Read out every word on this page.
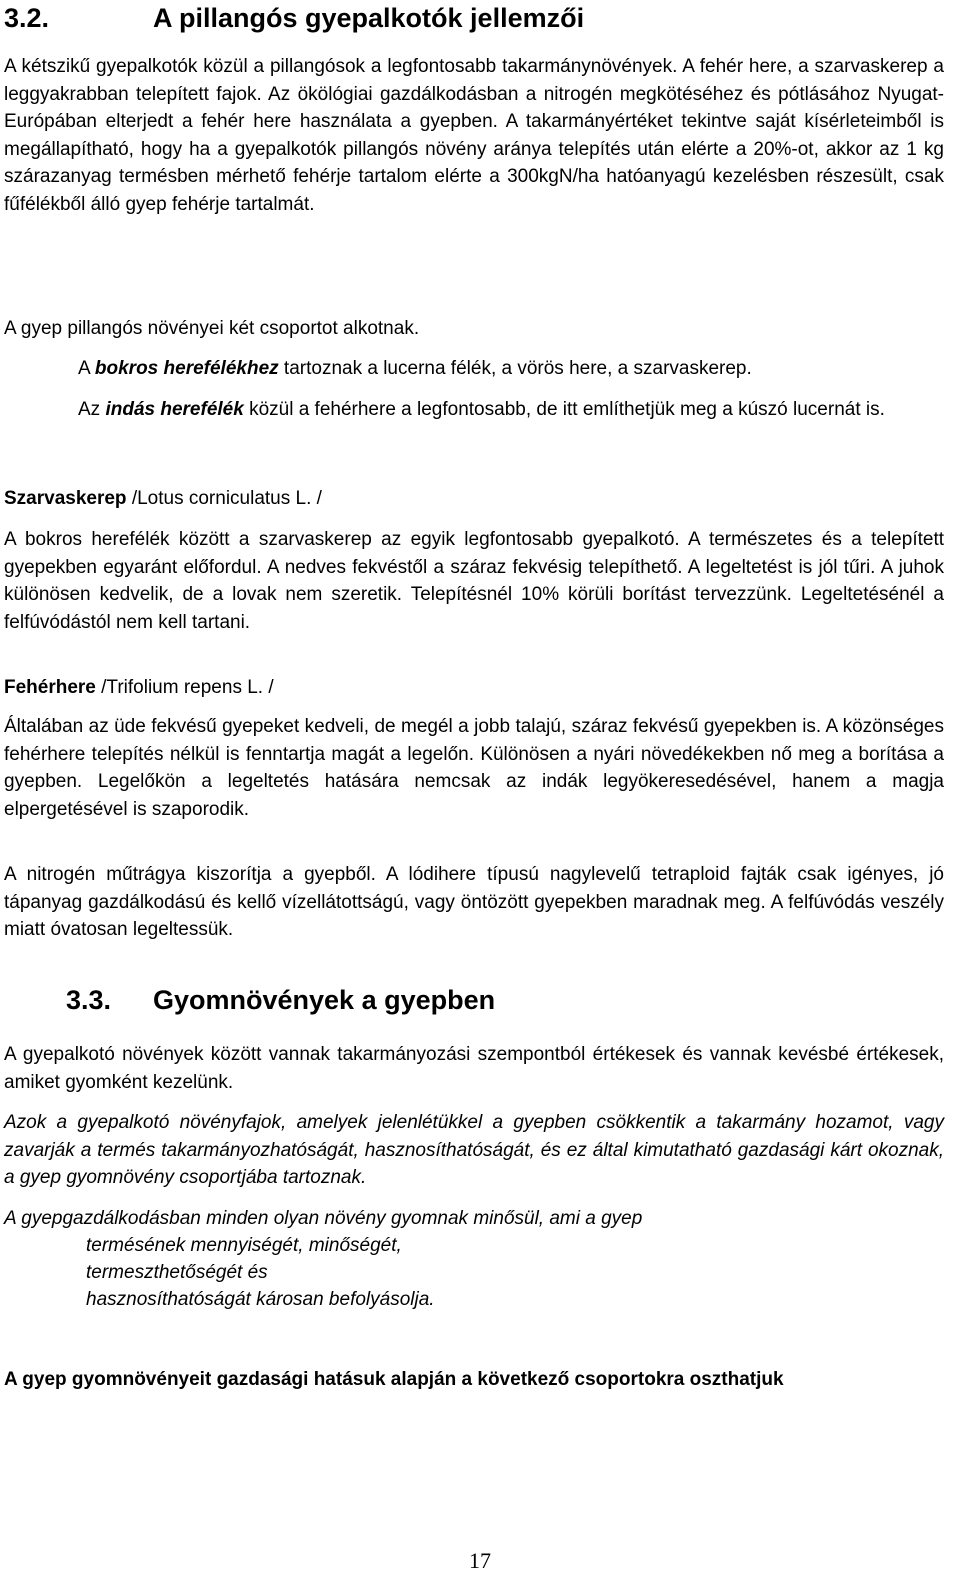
3.2.	A pillangós gyepalkotók jellemzői

A kétszikű gyepalkotók közül a pillangósok a legfontosabb takarmánynövények. A fehér here, a szarvaskerep a leggyakrabban telepített fajok. Az ökölógiai gazdálkodásban a nitrogén megkötéséhez és pótlásához Nyugat-Európában elterjedt a fehér here használata a gyepben. A takarmányértéket tekintve saját kísérleteimből is megállapítható, hogy ha a gyepalkotók pillangós növény aránya telepítés után elérte a 20%-ot, akkor az 1 kg szárazanyag termésben mérhető fehérje tartalom elérte a 300kgN/ha hatóanyagú kezelésben részesült, csak fűfélékből álló gyep fehérje tartalmát.

A gyep pillangós növényei két csoportot alkotnak.

A bokros herefélékhez tartoznak a lucerna félék, a vörös here, a szarvaskerep.

Az indás herefélék közül a fehérhere a legfontosabb, de itt említhetjük meg a kúszó lucernát is.

Szarvaskerep /Lotus corniculatus L. /

A bokros herefélék között a szarvaskerep az egyik legfontosabb gyepalkotó. A természetes és a telepített gyepekben egyaránt előfordul. A nedves fekvéstől a száraz fekvésig telepíthető. A legeltetést is jól tűri. A juhok különösen kedvelik, de a lovak nem szeretik. Telepítésnél 10% körüli borítást tervezzünk. Legeltetésénél a felfúvódástól nem kell tartani.

Fehérhere /Trifolium repens L. /

Általában az üde fekvésű gyepeket kedveli, de megél a jobb talajú, száraz fekvésű gyepekben is. A közönséges fehérhere telepítés nélkül is fenntartja magát a legelőn. Különösen a nyári növedékekben nő meg a borítása a gyepben. Legelőkön a legeltetés hatására nemcsak az indák legyökeresedésével, hanem a magja elpergetésével is szaporodik.

A nitrogén műtrágya kiszorítja a gyepből. A lódihere típusú nagylevelű tetraploid fajták csak igényes, jó tápanyag gazdálkodású és kellő vízellátottságú, vagy öntözött gyepekben maradnak meg. A felfúvódás veszély miatt óvatosan legeltessük.

3.3. Gyomnövények a gyepben

A gyepalkotó növények között vannak takarmányozási szempontból értékesek és vannak kevésbé értékesek, amiket gyomként kezelünk.

Azok a gyepalkotó növényfajok, amelyek jelenlétükkel a gyepben csökkentik a takarmány hozamot, vagy zavarják a termés takarmányozhatóságát, hasznosíthatóságát, és ez által kimutatható gazdasági kárt okoznak, a gyep gyomnövény csoportjába tartoznak.

A gyepgazdálkodásban minden olyan növény gyomnak minősül, ami a gyep

termésének mennyiségét, minőségét,

termeszthetőségét és

hasznosíthatóságát károsan befolyásolja.

A gyep gyomnövényeit gazdasági hatásuk alapján a következő csoportokra oszthatjuk

17
